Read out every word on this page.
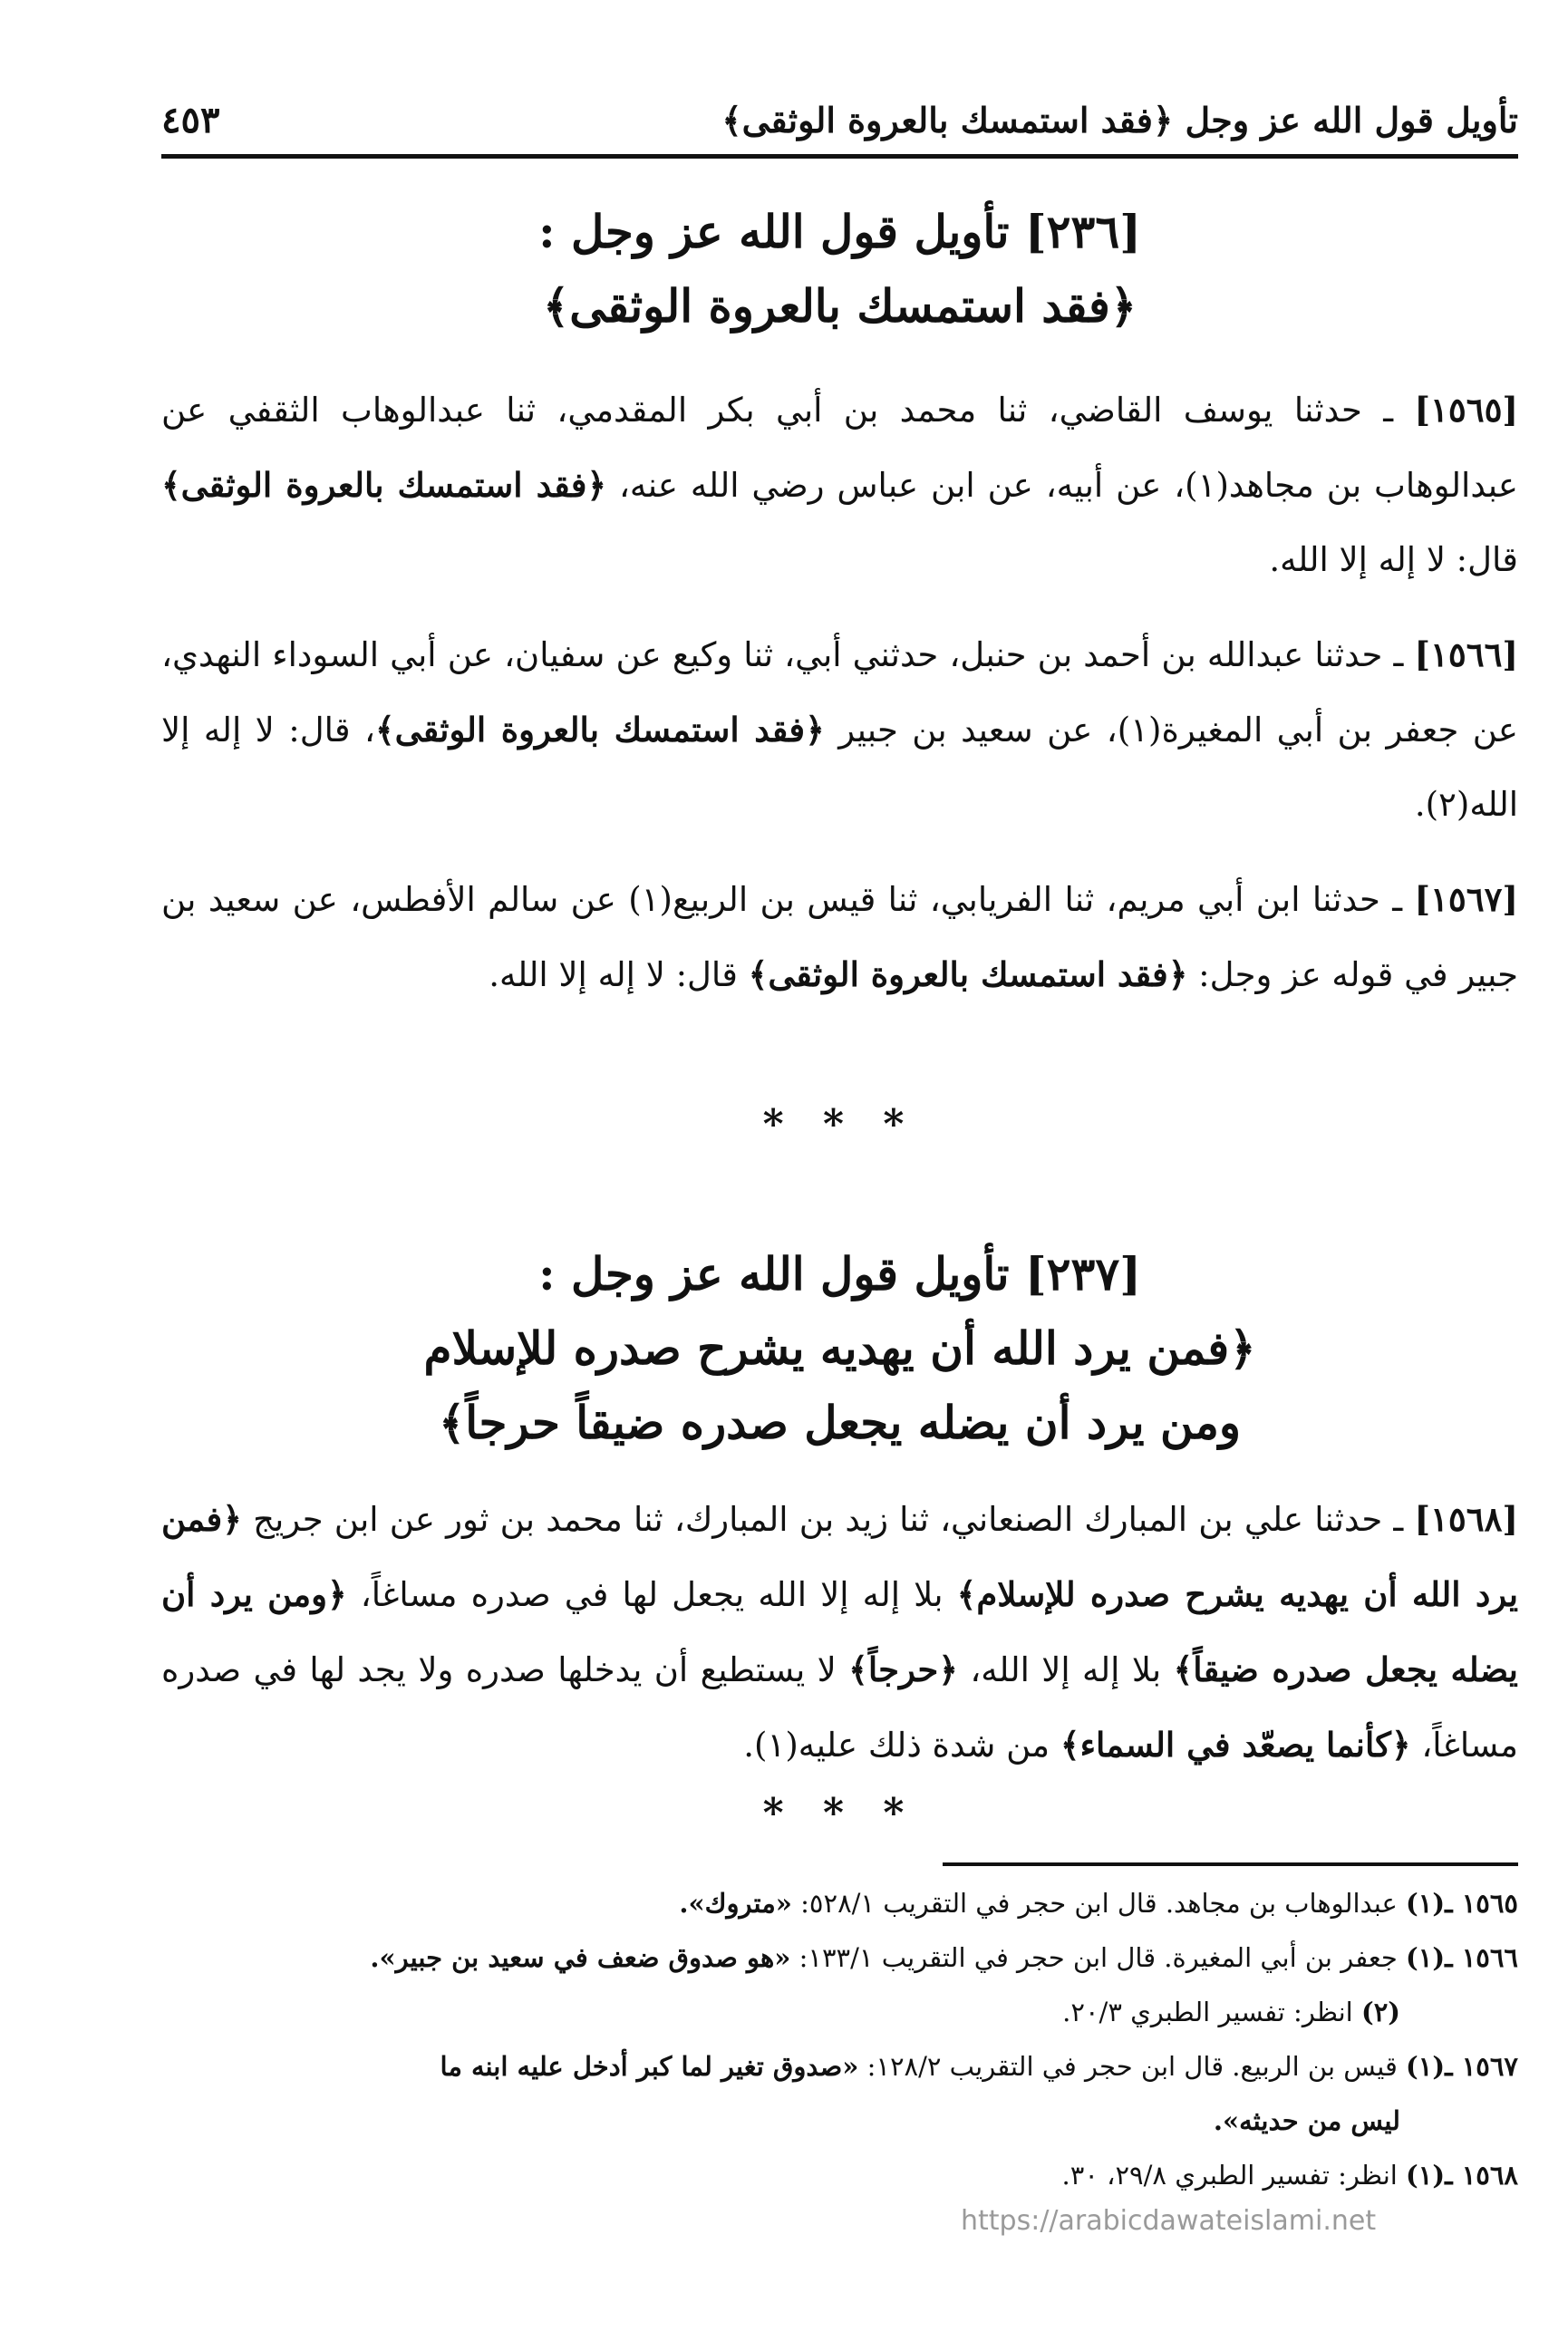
تأويل قول الله عز وجل ﴿فقد استمسك بالعروة الوثقى﴾
٤٥٣
[٢٣٦] تأويل قول الله عز وجل :
﴿فقد استمسك بالعروة الوثقى﴾

[١٥٦٥] ـ حدثنا يوسف القاضي، ثنا محمد بن أبي بكر المقدمي، ثنا عبدالوهاب الثقفي عن عبدالوهاب بن مجاهد(١)، عن أبيه، عن ابن عباس رضي الله عنه، ﴿فقد استمسك بالعروة الوثقى﴾ قال: لا إله إلا الله.

[١٥٦٦] ـ حدثنا عبدالله بن أحمد بن حنبل، حدثني أبي، ثنا وكيع عن سفيان، عن أبي السوداء النهدي، عن جعفر بن أبي المغيرة(١)، عن سعيد بن جبير ﴿فقد استمسك بالعروة الوثقى﴾، قال: لا إله إلا الله(٢).

[١٥٦٧] ـ حدثنا ابن أبي مريم، ثنا الفريابي، ثنا قيس بن الربيع(١) عن سالم الأفطس، عن سعيد بن جبير في قوله عز وجل: ﴿فقد استمسك بالعروة الوثقى﴾ قال: لا إله إلا الله.

* * *
[٢٣٧] تأويل قول الله عز وجل :
﴿فمن يرد الله أن يهديه يشرح صدره للإسلام
ومن يرد أن يضله يجعل صدره ضيقاً حرجاً﴾

[١٥٦٨] ـ حدثنا علي بن المبارك الصنعاني، ثنا زيد بن المبارك، ثنا محمد بن ثور عن ابن جريج ﴿فمن يرد الله أن يهديه يشرح صدره للإسلام﴾ بلا إله إلا الله يجعل لها في صدره مساغاً، ﴿ومن يرد أن يضله يجعل صدره ضيقاً﴾ بلا إله إلا الله، ﴿حرجاً﴾ لا يستطيع أن يدخلها صدره ولا يجد لها في صدره مساغاً، ﴿كأنما يصعّد في السماء﴾ من شدة ذلك عليه(١).

* * *
١٥٦٥ ـ(١) عبدالوهاب بن مجاهد. قال ابن حجر في التقريب ٥٢٨/١: «متروك».
١٥٦٦ ـ(١) جعفر بن أبي المغيرة. قال ابن حجر في التقريب ١٣٣/١: «هو صدوق ضعف في سعيد بن جبير».
(٢) انظر: تفسير الطبري ٢٠/٣.
١٥٦٧ ـ(١) قيس بن الربيع. قال ابن حجر في التقريب ١٢٨/٢: «صدوق تغير لما كبر أدخل عليه ابنه ما
ليس من حديثه».
١٥٦٨ ـ(١) انظر: تفسير الطبري ٢٩/٨، ٣٠.
https://arabicdawateislami.net
